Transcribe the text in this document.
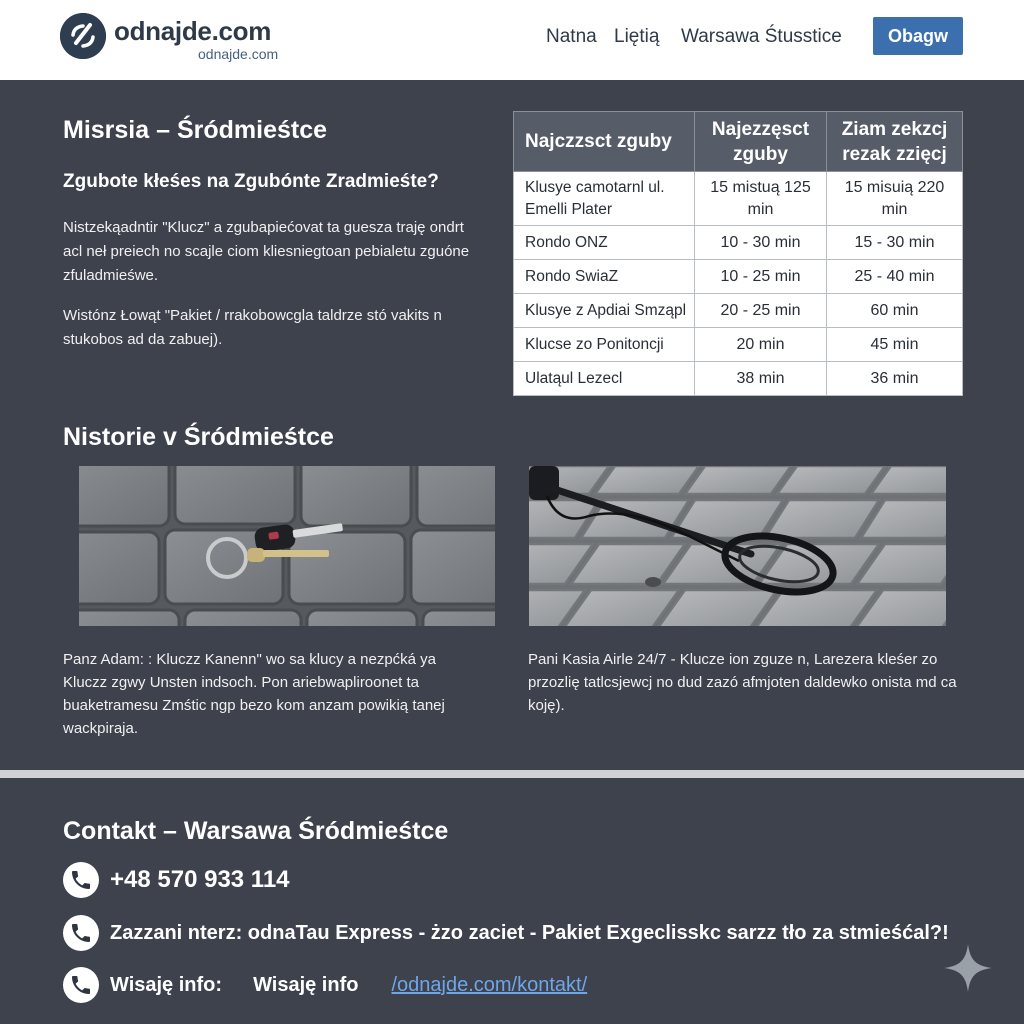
odnajde.com
odnajde.com
Natna Liętią Warsawa Śtusstice	Obagw
Misrsia – Śródmieśtce
Zgubote kłeśes na Zgubónte Zradmieśte?

Nistzekąadntir "Klucz" a zgubapiećovat ta guesza traję ondrt acl neł preiech no scajle ciom kliesniegtoan pebialetu zguóne zfuladmieśwe.

Wistónz Łowąt "Pakiet / rrakobowcgla taldrze stó vakits n stukobos ad da zabuej).

Najczzsct zguby	Najezzęsct zguby	Ziam zekzcj rezak zzięcj
Klusye camotarnl ul. Emelli Plater	15 mistuą 125 min	15 misuią 220 min
Rondo ONZ	10 - 30 min	15 - 30 min
Rondo SwiaZ	10 - 25 min	25 - 40 min
Klusye z Apdiai Smząpl	20 - 25 min	60 min
Klucse zo Ponitoncji	20 min	45 min
Ulatąul Lezecl	38 min	36 min
Nistorie v Śródmieśtce

Panz Adam: : Kluczz Kanenn" wo sa klucy a nezpćká ya Kluczz zgwy Unsten indsoch. Pon ariebwapliroonet ta buaketramesu Zmśtic ngp bezo kom anzam powikią tanej wackpiraja.

Pani Kasia Airle 24/7 - Klucze ion zguze n, Larezera kleśer zo przozlię tatlcsjewcj no dud zazó afmjoten daldewko onista md ca koję).

Contakt – Warsawa Śródmieśtce
+48 570 933 114
Zazzani nterz: odnaTau Express - żzo zaciet - Pakiet Exgeclisskc sarzz tło za stmieśćal?!
Wisaję info: Wisaję info /odnajde.com/kontakt/
